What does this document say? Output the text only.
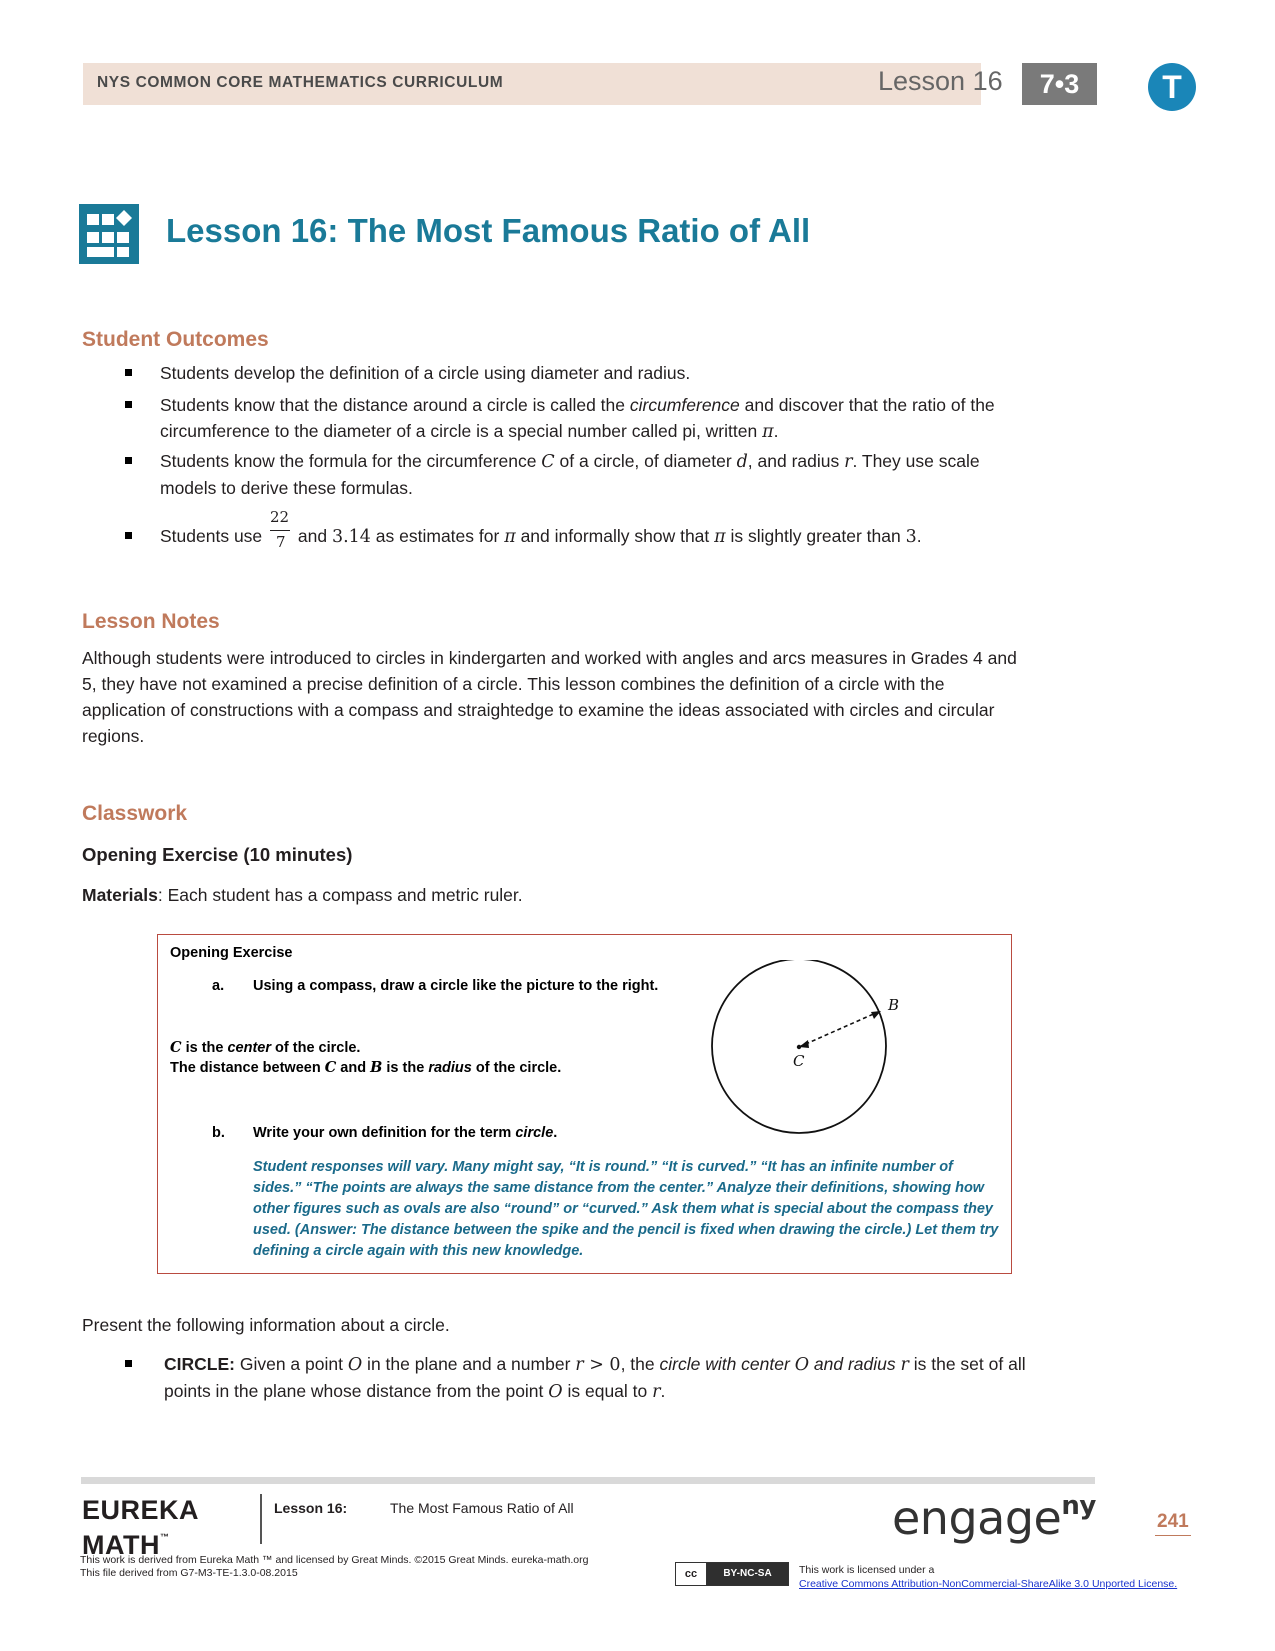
NYS COMMON CORE MATHEMATICS CURRICULUM	Lesson 16	7•3	T
Lesson 16: The Most Famous Ratio of All
Student Outcomes
Students develop the definition of a circle using diameter and radius.
Students know that the distance around a circle is called the circumference and discover that the ratio of the
circumference to the diameter of a circle is a special number called pi, written π.
Students know the formula for the circumference C of a circle, of diameter d, and radius r. They use scale
models to derive these formulas.
Students use  and 3.14 as estimates for π and informally show that π is slightly greater than 3.
22
7
Lesson Notes
Although students were introduced to circles in kindergarten and worked with angles and arcs measures in Grades 4 and
5, they have not examined a precise definition of a circle. This lesson combines the definition of a circle with the
application of constructions with a compass and straightedge to examine the ideas associated with circles and circular
regions.
Classwork
Opening Exercise (10 minutes)
Materials: Each student has a compass and metric ruler.
Opening Exercise
a. Using a compass, draw a circle like the picture to the right.
C is the center of the circle.
The distance between C and B is the radius of the circle.
B
C
b. Write your own definition for the term circle.
Student responses will vary. Many might say, “It is round.” “It is curved.” “It has an infinite number of
sides.” “The points are always the same distance from the center.” Analyze their definitions, showing how
other figures such as ovals are also “round” or “curved.” Ask them what is special about the compass they
used. (Answer: The distance between the spike and the pencil is fixed when drawing the circle.) Let them try
defining a circle again with this new knowledge.
Present the following information about a circle.
CIRCLE: Given a point O in the plane and a number r > 0, the circle with center O and radius r is the set of all
points in the plane whose distance from the point O is equal to r.
EUREKA
MATH™
Lesson 16:	The Most Famous Ratio of All	engage$^{ny}$
241
This work is derived from Eureka Math ™ and licensed by Great Minds. ©2015 Great Minds. eureka-math.org
This file derived from G7-M3-TE-1.3.0-08.2015	cc	BY-NC-SA	This work is licensed under a
Creative Commons Attribution-NonCommercial-ShareAlike 3.0 Unported License.
